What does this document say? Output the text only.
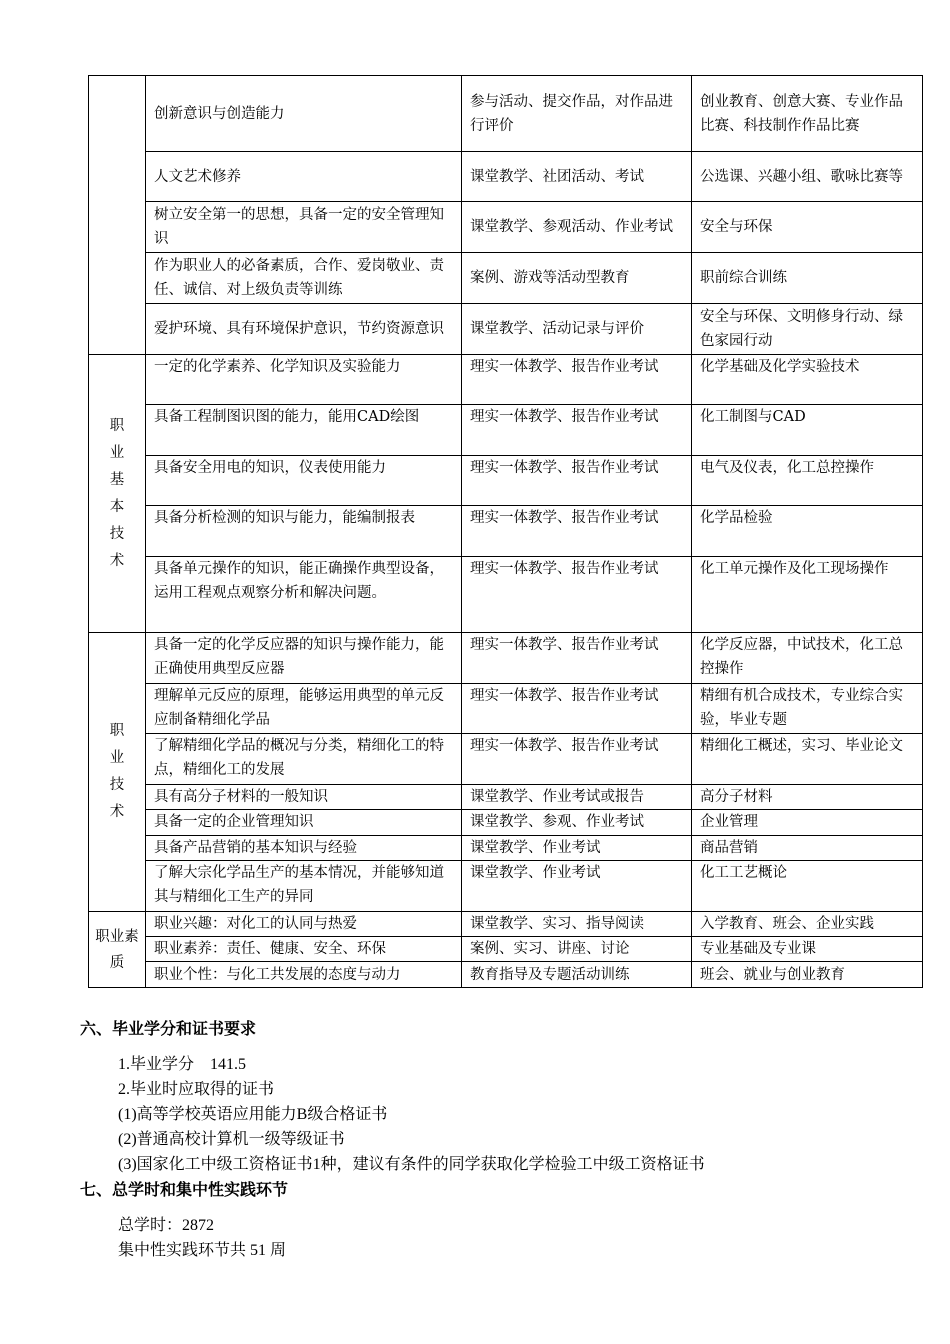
	创新意识与创造能力	参与活动、提交作品，对作品进行评价	创业教育、创意大赛、专业作品比赛、科技制作作品比赛
	人文艺术修养	课堂教学、社团活动、考试	公选课、兴趣小组、歌咏比赛等
	树立安全第一的思想，具备一定的安全管理知识	课堂教学、参观活动、作业考试	安全与环保
	作为职业人的必备素质，合作、爱岗敬业、责任、诚信、对上级负责等训练	案例、游戏等活动型教育	职前综合训练
	爱护环境、具有环境保护意识，节约资源意识	课堂教学、活动记录与评价	安全与环保、文明修身行动、绿色家园行动
职业基本技术	一定的化学素养、化学知识及实验能力	理实一体教学、报告作业考试	化学基础及化学实验技术
	具备工程制图识图的能力，能用CAD绘图	理实一体教学、报告作业考试	化工制图与CAD
	具备安全用电的知识，仪表使用能力	理实一体教学、报告作业考试	电气及仪表，化工总控操作
	具备分析检测的知识与能力，能编制报表	理实一体教学、报告作业考试	化学品检验
	具备单元操作的知识，能正确操作典型设备，运用工程观点观察分析和解决问题。	理实一体教学、报告作业考试	化工单元操作及化工现场操作
职业技术	具备一定的化学反应器的知识与操作能力，能正确使用典型反应器	理实一体教学、报告作业考试	化学反应器，中试技术，化工总控操作
	理解单元反应的原理，能够运用典型的单元反应制备精细化学品	理实一体教学、报告作业考试	精细有机合成技术，专业综合实验，毕业专题
	了解精细化学品的概况与分类，精细化工的特点，精细化工的发展	理实一体教学、报告作业考试	精细化工概述，实习、毕业论文
	具有高分子材料的一般知识	课堂教学、作业考试或报告	高分子材料
	具备一定的企业管理知识	课堂教学、参观、作业考试	企业管理
	具备产品营销的基本知识与经验	课堂教学、作业考试	商品营销
	了解大宗化学品生产的基本情况，并能够知道其与精细化工生产的异同	课堂教学、作业考试	化工工艺概论

职业素质	职业兴趣：对化工的认同与热爱	课堂教学、实习、指导阅读	入学教育、班会、企业实践
	职业素养：责任、健康、安全、环保	案例、实习、讲座、讨论	专业基础及专业课
	职业个性：与化工共发展的态度与动力	教育指导及专题活动训练	班会、就业与创业教育
六、毕业学分和证书要求
1.毕业学分　141.5
2.毕业时应取得的证书
(1)高等学校英语应用能力B级合格证书
(2)普通高校计算机一级等级证书
(3)国家化工中级工资格证书1种，建议有条件的同学获取化学检验工中级工资格证书
七、总学时和集中性实践环节
总学时：2872
集中性实践环节共 51 周
